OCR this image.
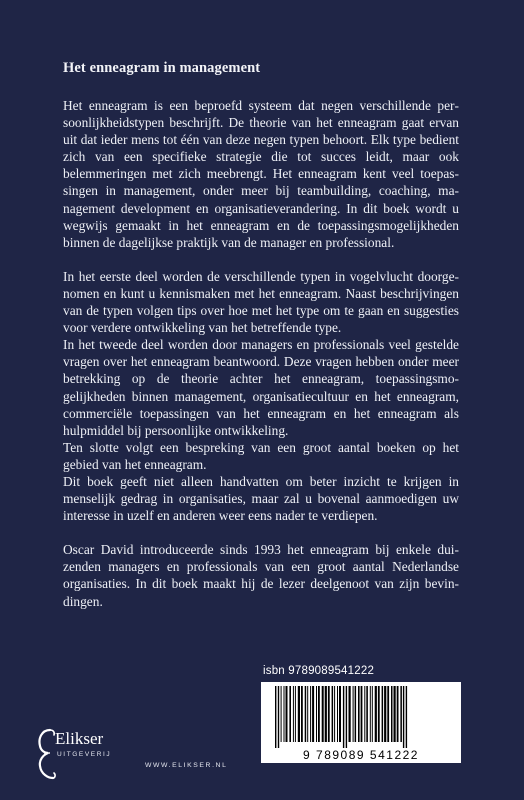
Het enneagram in management

Het enneagram is een beproefd systeem dat negen verschillende persoonlijkheidstypen beschrijft. De theorie van het enneagram gaat ervan uit dat ieder mens tot één van deze negen typen behoort. Elk type bedient zich van een specifieke strategie die tot succes leidt, maar ook belemmeringen met zich meebrengt. Het enneagram kent veel toepassingen in management, onder meer bij teambuilding, coaching, management development en organisatieverandering. In dit boek wordt u wegwijs gemaakt in het enneagram en de toepassingsmogelijkheden binnen de dagelijkse praktijk van de manager en professional.

In het eerste deel worden de verschillende typen in vogelvlucht doorgenomen en kunt u kennismaken met het enneagram. Naast beschrijvingen van de typen volgen tips over hoe met het type om te gaan en suggesties voor verdere ontwikkeling van het betreffende type.

In het tweede deel worden door managers en professionals veel gestelde vragen over het enneagram beantwoord. Deze vragen hebben onder meer betrekking op de theorie achter het enneagram, toepassingsmogelijkheden binnen management, organisatiecultuur en het enneagram, commerciële toepassingen van het enneagram en het enneagram als hulpmiddel bij persoonlijke ontwikkeling.

Ten slotte volgt een bespreking van een groot aantal boeken op het gebied van het enneagram.

Dit boek geeft niet alleen handvatten om beter inzicht te krijgen in menselijk gedrag in organisaties, maar zal u bovenal aanmoedigen uw interesse in uzelf en anderen weer eens nader te verdiepen.

Oscar David introduceerde sinds 1993 het enneagram bij enkele duizenden managers en professionals van een groot aantal Nederlandse organisaties. In dit boek maakt hij de lezer deelgenoot van zijn bevindingen.

isbn 9789089541222
9 789089 541222
Elikser
UITGEVERIJ
WWW.ELIKSER.NL
